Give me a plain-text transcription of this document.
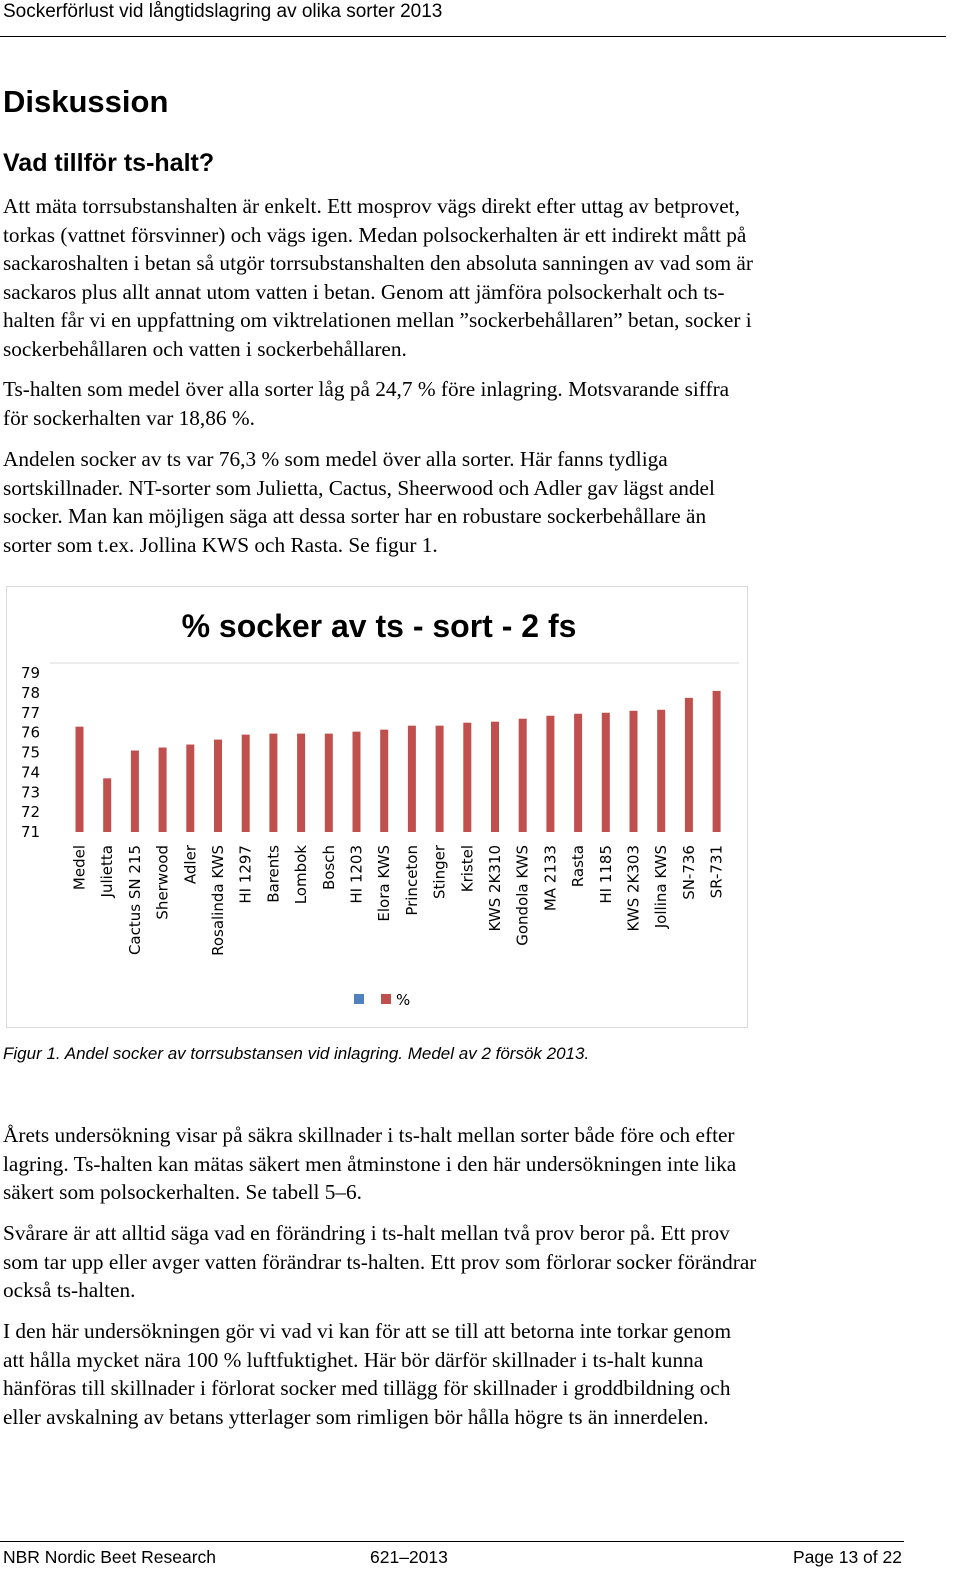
Sockerförlust vid långtidslagring av olika sorter 2013
Diskussion
Vad tillför ts-halt?
Att mäta torrsubstanshalten är enkelt. Ett mosprov vägs direkt efter uttag av betprovet,
torkas (vattnet försvinner) och vägs igen. Medan polsockerhalten är ett indirekt mått på
sackaroshalten i betan så utgör torrsubstanshalten den absoluta sanningen av vad som är
sackaros plus allt annat utom vatten i betan. Genom att jämföra polsockerhalt och ts-
halten får vi en uppfattning om viktrelationen mellan ”sockerbehållaren” betan, socker i
sockerbehållaren och vatten i sockerbehållaren.
Ts-halten som medel över alla sorter låg på 24,7 % före inlagring. Motsvarande siffra
för sockerhalten var 18,86 %.
Andelen socker av ts var 76,3 % som medel över alla sorter. Här fanns tydliga
sortskillnader. NT-sorter som Julietta, Cactus, Sheerwood och Adler gav lägst andel
socker. Man kan möjligen säga att dessa sorter har en robustare sockerbehållare än
sorter som t.ex. Jollina KWS och Rasta. Se figur 1.
% socker av ts - sort - 2 fs
71
72
73
74
75
76
77
78
79
Medel Julietta Cactus SN 215 Sherwood Adler Rosalinda KWS HI 1297 Barents Lombok Bosch HI 1203 Elora KWS Princeton Stinger Kristel KWS 2K310 Gondola KWS MA 2133 Rasta HI 1185 KWS 2K303 Jollina KWS SN-736 SR-731
%
Figur 1. Andel socker av torrsubstansen vid inlagring. Medel av 2 försök 2013.
Årets undersökning visar på säkra skillnader i ts-halt mellan sorter både före och efter
lagring. Ts-halten kan mätas säkert men åtminstone i den här undersökningen inte lika
säkert som polsockerhalten. Se tabell 5–6.
Svårare är att alltid säga vad en förändring i ts-halt mellan två prov beror på. Ett prov
som tar upp eller avger vatten förändrar ts-halten. Ett prov som förlorar socker förändrar
också ts-halten.
I den här undersökningen gör vi vad vi kan för att se till att betorna inte torkar genom
att hålla mycket nära 100 % luftfuktighet. Här bör därför skillnader i ts-halt kunna
hänföras till skillnader i förlorat socker med tillägg för skillnader i groddbildning och
eller avskalning av betans ytterlager som rimligen bör hålla högre ts än innerdelen.
NBR Nordic Beet Research	621–2013	Page 13 of 22
